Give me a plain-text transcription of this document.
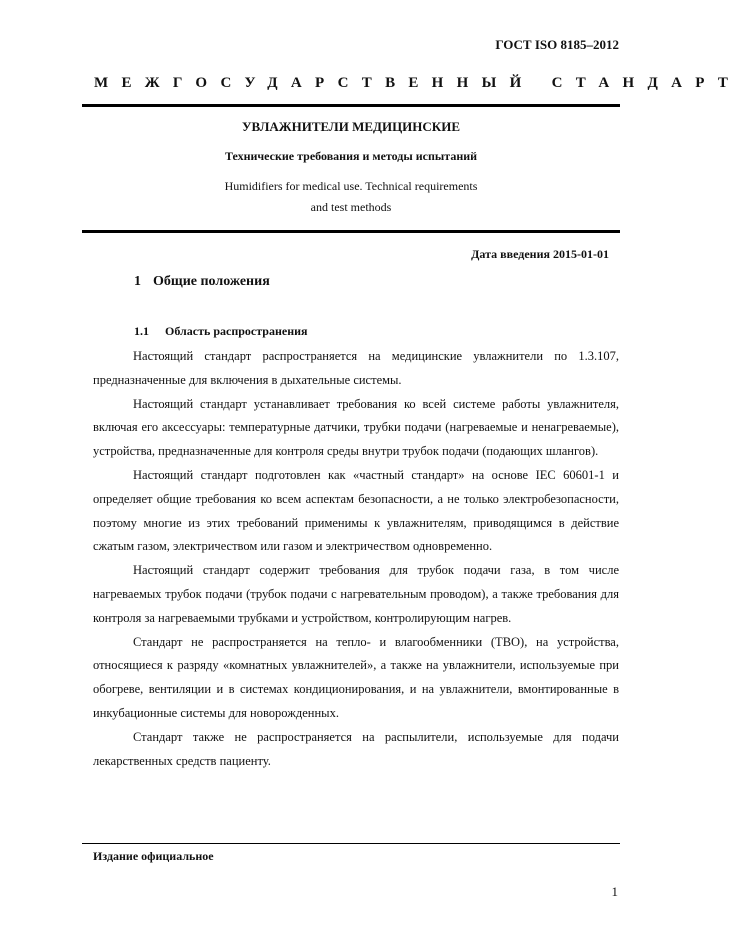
ГОСТ ISO 8185–2012
МЕЖГОСУДАРСТВЕННЫЙ СТАНДАРТ
УВЛАЖНИТЕЛИ МЕДИЦИНСКИЕ
Технические требования и методы испытаний
Humidifiers for medical use. Technical requirements
and test methods
Дата введения 2015-01-01
1 Общие положения
1.1 Область распространения

Настоящий стандарт распространяется на медицинские увлажнители по 1.3.107, предназначенные для включения в дыхательные системы.

Настоящий стандарт устанавливает требования ко всей системе работы увлажнителя, включая его аксессуары: температурные датчики, трубки подачи (нагреваемые и ненагреваемые), устройства, предназначенные для контроля среды внутри трубок подачи (подающих шлангов).

Настоящий стандарт подготовлен как «частный стандарт» на основе IEC 60601-1 и определяет общие требования ко всем аспектам безопасности, а не только электробезопасности, поэтому многие из этих требований применимы к увлажнителям, приводящимся в действие сжатым газом, электричеством или газом и электричеством одновременно.

Настоящий стандарт содержит требования для трубок подачи газа, в том числе нагреваемых трубок подачи (трубок подачи с нагревательным проводом), а также требования для контроля за нагреваемыми трубками и устройством, контролирующим нагрев.

Стандарт не распространяется на тепло- и влагообменники (ТВО), на устройства, относящиеся к разряду «комнатных увлажнителей», а также на увлажнители, используемые при обогреве, вентиляции и в системах кондиционирования, и на увлажнители, вмонтированные в инкубационные системы для новорожденных.

Стандарт также не распространяется на распылители, используемые для подачи лекарственных средств пациенту.

Издание официальное
1
